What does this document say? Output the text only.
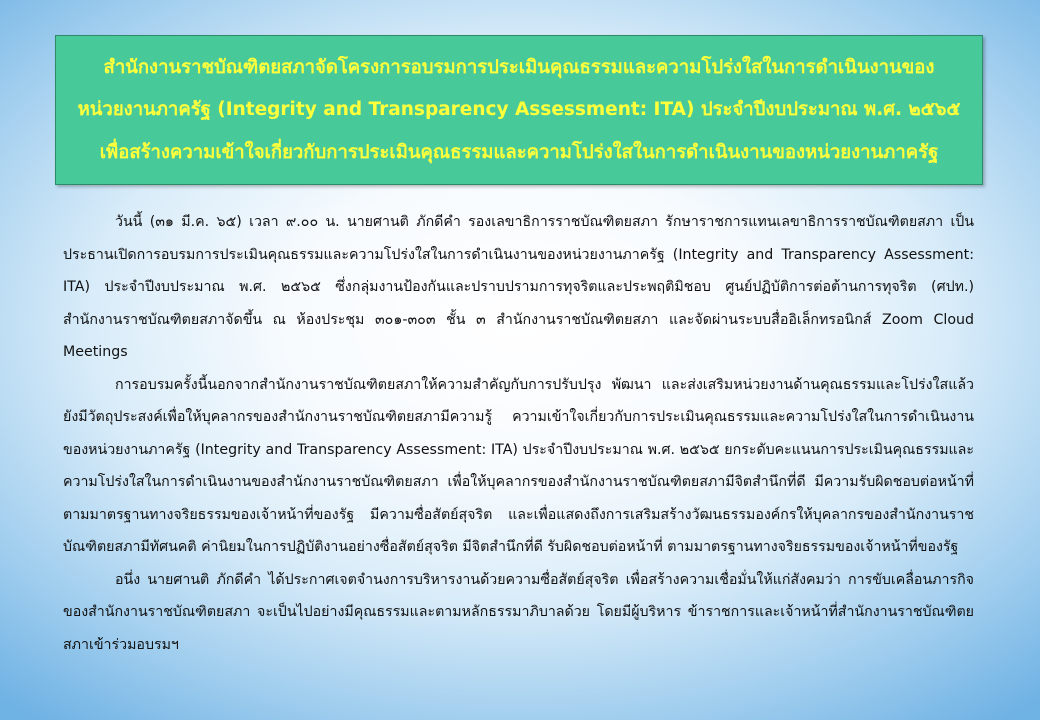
สำนักงานราชบัณฑิตยสภาจัดโครงการอบรมการประเมินคุณธรรมและความโปร่งใสในการดำเนินงานของ
หน่วยงานภาครัฐ (Integrity and Transparency Assessment: ITA) ประจำปีงบประมาณ พ.ศ. ๒๕๖๕
เพื่อสร้างความเข้าใจเกี่ยวกับการประเมินคุณธรรมและความโปร่งใสในการดำเนินงานของหน่วยงานภาครัฐ

วันนี้ (๓๑ มี.ค. ๖๕) เวลา ๙.๐๐ น. นายศานติ ภักดีคำ รองเลขาธิการราชบัณฑิตยสภา รักษาราชการแทนเลขาธิการราชบัณฑิตยสภา เป็นประธานเปิดการอบรมการประเมินคุณธรรมและความโปร่งใสในการดำเนินงานของหน่วยงานภาครัฐ (Integrity and Transparency Assessment: ITA) ประจำปีงบประมาณ พ.ศ. ๒๕๖๕ ซึ่งกลุ่มงานป้องกันและปราบปรามการทุจริตและประพฤติมิชอบ ศูนย์ปฏิบัติการต่อต้านการทุจริต (ศปท.) สำนักงานราชบัณฑิตยสภาจัดขึ้น ณ ห้องประชุม ๓๐๑-๓๐๓ ชั้น ๓ สำนักงานราชบัณฑิตยสภา และจัดผ่านระบบสื่ออิเล็กทรอนิกส์ Zoom Cloud Meetings

การอบรมครั้งนี้นอกจากสำนักงานราชบัณฑิตยสภาให้ความสำคัญกับการปรับปรุง พัฒนา และส่งเสริมหน่วยงานด้านคุณธรรมและโปร่งใสแล้ว ยังมีวัตถุประสงค์เพื่อให้บุคลากรของสำนักงานราชบัณฑิตยสภามีความรู้ ความเข้าใจเกี่ยวกับการประเมินคุณธรรมและความโปร่งใสในการดำเนินงานของหน่วยงานภาครัฐ (Integrity and Transparency Assessment: ITA) ประจำปีงบประมาณ พ.ศ. ๒๕๖๕ ยกระดับคะแนนการประเมินคุณธรรมและความโปร่งใสในการดำเนินงานของสำนักงานราชบัณฑิตยสภา เพื่อให้บุคลากรของสำนักงานราชบัณฑิตยสภามีจิตสำนึกที่ดี มีความรับผิดชอบต่อหน้าที่ ตามมาตรฐานทางจริยธรรมของเจ้าหน้าที่ของรัฐ มีความซื่อสัตย์สุจริต และเพื่อแสดงถึงการเสริมสร้างวัฒนธรรมองค์กรให้บุคลากรของสำนักงานราชบัณฑิตยสภามีทัศนคติ ค่านิยมในการปฏิบัติงานอย่างซื่อสัตย์สุจริต มีจิตสำนึกที่ดี รับผิดชอบต่อหน้าที่ ตามมาตรฐานทางจริยธรรมของเจ้าหน้าที่ของรัฐ

อนึ่ง นายศานติ ภักดีคำ ได้ประกาศเจตจำนงการบริหารงานด้วยความซื่อสัตย์สุจริต เพื่อสร้างความเชื่อมั่นให้แก่สังคมว่า การขับเคลื่อนภารกิจของสำนักงานราชบัณฑิตยสภา จะเป็นไปอย่างมีคุณธรรมและตามหลักธรรมาภิบาลด้วย โดยมีผู้บริหาร ข้าราชการและเจ้าหน้าที่สำนักงานราชบัณฑิตยสภาเข้าร่วมอบรมฯ
